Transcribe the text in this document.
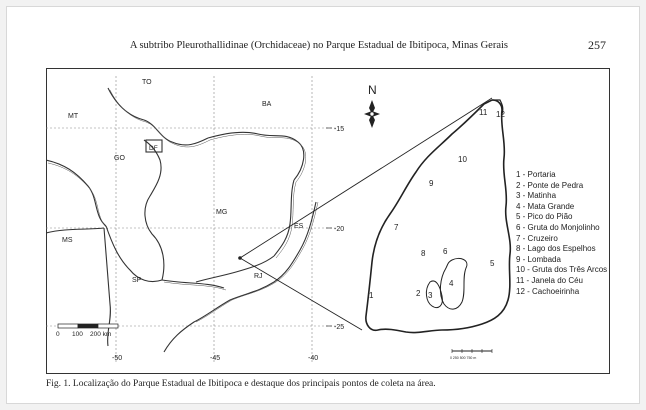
A subtribo Pleurothallidinae (Orchidaceae) no Parque Estadual de Ibitipoca, Minas Gerais	257
TO
BA
MT
GO
DF
MG
ES
MS
SP
RJ
-15
-20
-25
-50	-45	-40
N
0 100 200 km
0 250 500 750 m
1	2 3
4
5
6
7
8
9
10
11 12
1 - Portaria
2 - Ponte de Pedra
3 - Matinha
4 - Mata Grande
5 - Pico do Pião
6 - Gruta do Monjolinho
7 - Cruzeiro
8 - Lago dos Espelhos
9 - Lombada
10 - Gruta dos Três Arcos
11 - Janela do Céu
12 - Cachoeirinha
Fig. 1. Localização do Parque Estadual de Ibitipoca e destaque dos principais pontos de coleta na área.
